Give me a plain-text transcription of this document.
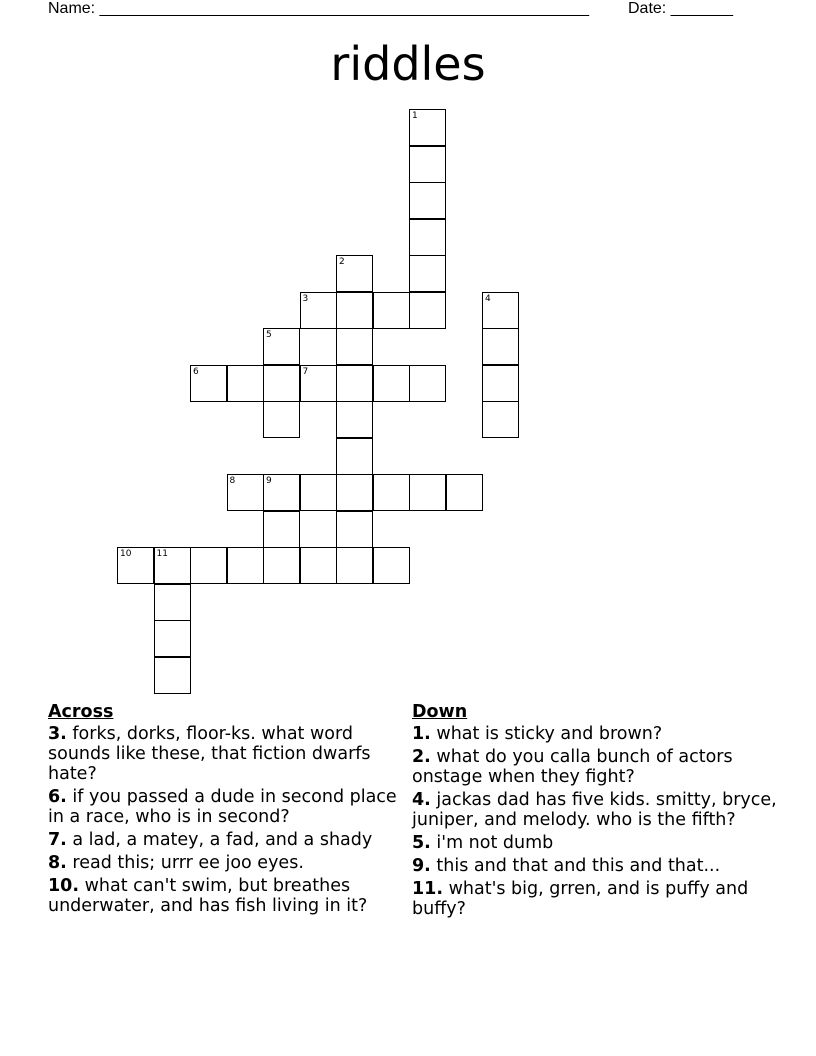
Name: _______________________________________________________ Date: _______
riddles
1
2
3	4
5
6	7
8	9
10	11
Across
3. forks, dorks, floor-ks. what word sounds like these, that fiction dwarfs hate?
6. if you passed a dude in second place in a race, who is in second?
7. a lad, a matey, a fad, and a shady
8. read this; urrr ee joo eyes.
10. what can't swim, but breathes underwater, and has fish living in it?
Down
1. what is sticky and brown?
2. what do you calla bunch of actors onstage when they fight?
4. jackas dad has five kids. smitty, bryce, juniper, and melody. who is the fifth?
5. i'm not dumb
9. this and that and this and that...
11. what's big, grren, and is puffy and buffy?
